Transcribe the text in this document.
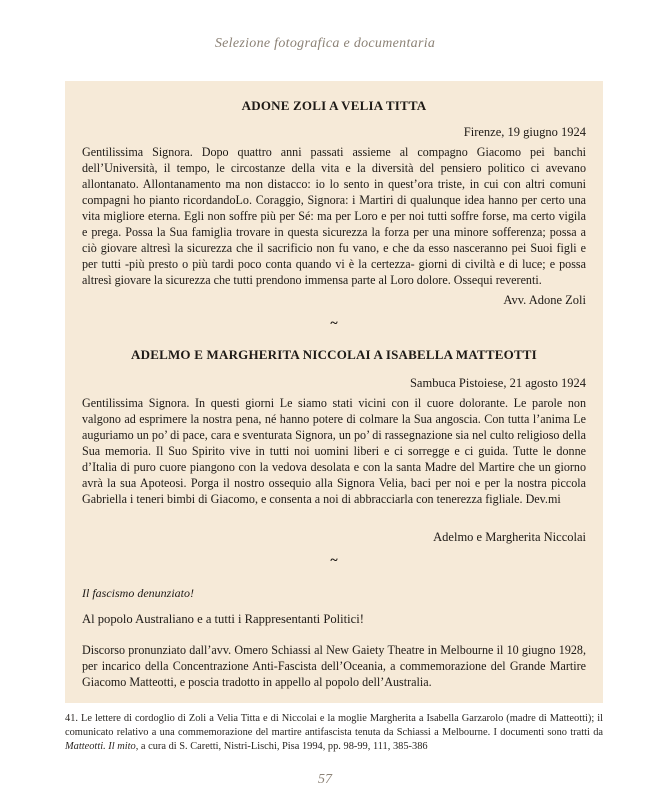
Selezione fotografica e documentaria

ADONE ZOLI A VELIA TITTA

Firenze, 19 giugno 1924

Gentilissima Signora. Dopo quattro anni passati assieme al compagno Giacomo pei banchi dell’Università, il tempo, le circostanze della vita e la diversità del pensiero politico ci avevano allontanato. Allontanamento ma non distacco: io lo sento in quest’ora triste, in cui con altri comuni compagni ho pianto ricordandoLo. Coraggio, Signora: i Martiri di qualunque idea hanno per certo una vita migliore eterna. Egli non soffre più per Sé: ma per Loro e per noi tutti soffre forse, ma certo vigila e prega. Possa la Sua famiglia trovare in questa sicurezza la forza per una minore sofferenza; possa a ciò giovare altresì la sicurezza che il sacrificio non fu vano, e che da esso nasceranno pei Suoi figli e per tutti -più presto o più tardi poco conta quando vi è la certezza- giorni di civiltà e di luce; e possa altresì giovare la sicurezza che tutti prendono immensa parte al Loro dolore. Ossequi reverenti.

Avv. Adone Zoli

~

ADELMO E MARGHERITA NICCOLAI A ISABELLA MATTEOTTI

Sambuca Pistoiese, 21 agosto 1924

Gentilissima Signora. In questi giorni Le siamo stati vicini con il cuore dolorante. Le parole non valgono ad esprimere la nostra pena, né hanno potere di colmare la Sua angoscia. Con tutta l’anima Le auguriamo un po’ di pace, cara e sventurata Signora, un po’ di rassegnazione sia nel culto religioso della Sua memoria. Il Suo Spirito vive in tutti noi uomini liberi e ci sorregge e ci guida. Tutte le donne d’Italia di puro cuore piangono con la vedova desolata e con la santa Madre del Martire che un giorno avrà la sua Apoteosi. Porga il nostro ossequio alla Signora Velia, baci per noi e per la nostra piccola Gabriella i teneri bimbi di Giacomo, e consenta a noi di abbracciarla con tenerezza figliale. Dev.mi

Adelmo e Margherita Niccolai

~

Il fascismo denunziato!

Al popolo Australiano e a tutti i Rappresentanti Politici!

Discorso pronunziato dall’avv. Omero Schiassi al New Gaiety Theatre in Melbourne il 10 giugno 1928, per incarico della Concentrazione Anti-Fascista dell’Oceania, a commemorazione del Grande Martire Giacomo Matteotti, e poscia tradotto in appello al popolo dell’Australia.

41. Le lettere di cordoglio di Zoli a Velia Titta e di Niccolai e la moglie Margherita a Isabella Garzarolo (madre di Matteotti); il comunicato relativo a una commemorazione del martire antifascista tenuta da Schiassi a Melbourne. I documenti sono tratti da Matteotti. Il mito, a cura di S. Caretti, Nistri-Lischi, Pisa 1994, pp. 98-99, 111, 385-386
57
